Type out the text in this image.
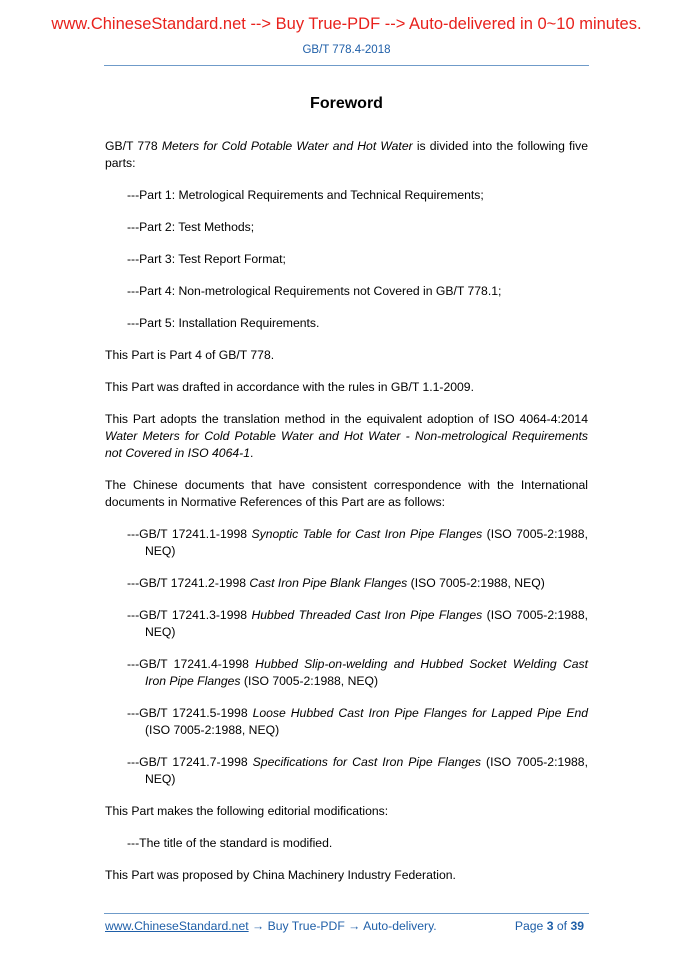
www.ChineseStandard.net --> Buy True-PDF --> Auto-delivered in 0~10 minutes.
GB/T 778.4-2018
Foreword

GB/T 778 Meters for Cold Potable Water and Hot Water is divided into the following five parts:

---Part 1: Metrological Requirements and Technical Requirements;
---Part 2: Test Methods;
---Part 3: Test Report Format;
---Part 4: Non-metrological Requirements not Covered in GB/T 778.1;
---Part 5: Installation Requirements.

This Part is Part 4 of GB/T 778.

This Part was drafted in accordance with the rules in GB/T 1.1-2009.

This Part adopts the translation method in the equivalent adoption of ISO 4064-4:2014 Water Meters for Cold Potable Water and Hot Water - Non-metrological Requirements not Covered in ISO 4064-1.

The Chinese documents that have consistent correspondence with the International documents in Normative References of this Part are as follows:

---GB/T 17241.1-1998 Synoptic Table for Cast Iron Pipe Flanges (ISO 7005-2:1988, NEQ)
---GB/T 17241.2-1998 Cast Iron Pipe Blank Flanges (ISO 7005-2:1988, NEQ)
---GB/T 17241.3-1998 Hubbed Threaded Cast Iron Pipe Flanges (ISO 7005-2:1988, NEQ)
---GB/T 17241.4-1998 Hubbed Slip-on-welding and Hubbed Socket Welding Cast Iron Pipe Flanges (ISO 7005-2:1988, NEQ)
---GB/T 17241.5-1998 Loose Hubbed Cast Iron Pipe Flanges for Lapped Pipe End (ISO 7005-2:1988, NEQ)
---GB/T 17241.7-1998 Specifications for Cast Iron Pipe Flanges (ISO 7005-2:1988, NEQ)

This Part makes the following editorial modifications:

---The title of the standard is modified.

This Part was proposed by China Machinery Industry Federation.

www.ChineseStandard.net → Buy True-PDF → Auto-delivery.	Page 3 of 39
